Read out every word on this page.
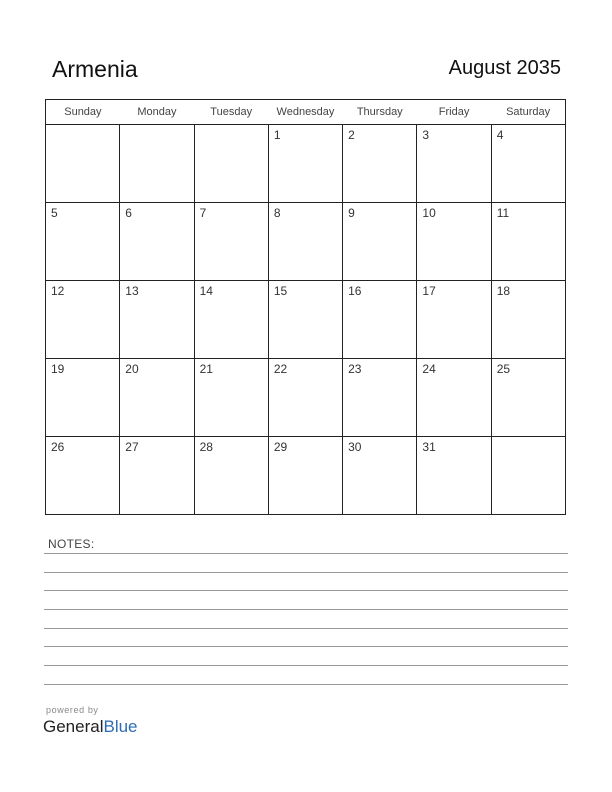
Armenia	August 2035
Sunday	Monday	Tuesday	Wednesday	Thursday	Friday	Saturday

			1	2	3	4

5	6	7	8	9	10	11

12	13	14	15	16	17	18

19	20	21	22	23	24	25

26	27	28	29	30	31	

NOTES:
powered by
GeneralBlue
